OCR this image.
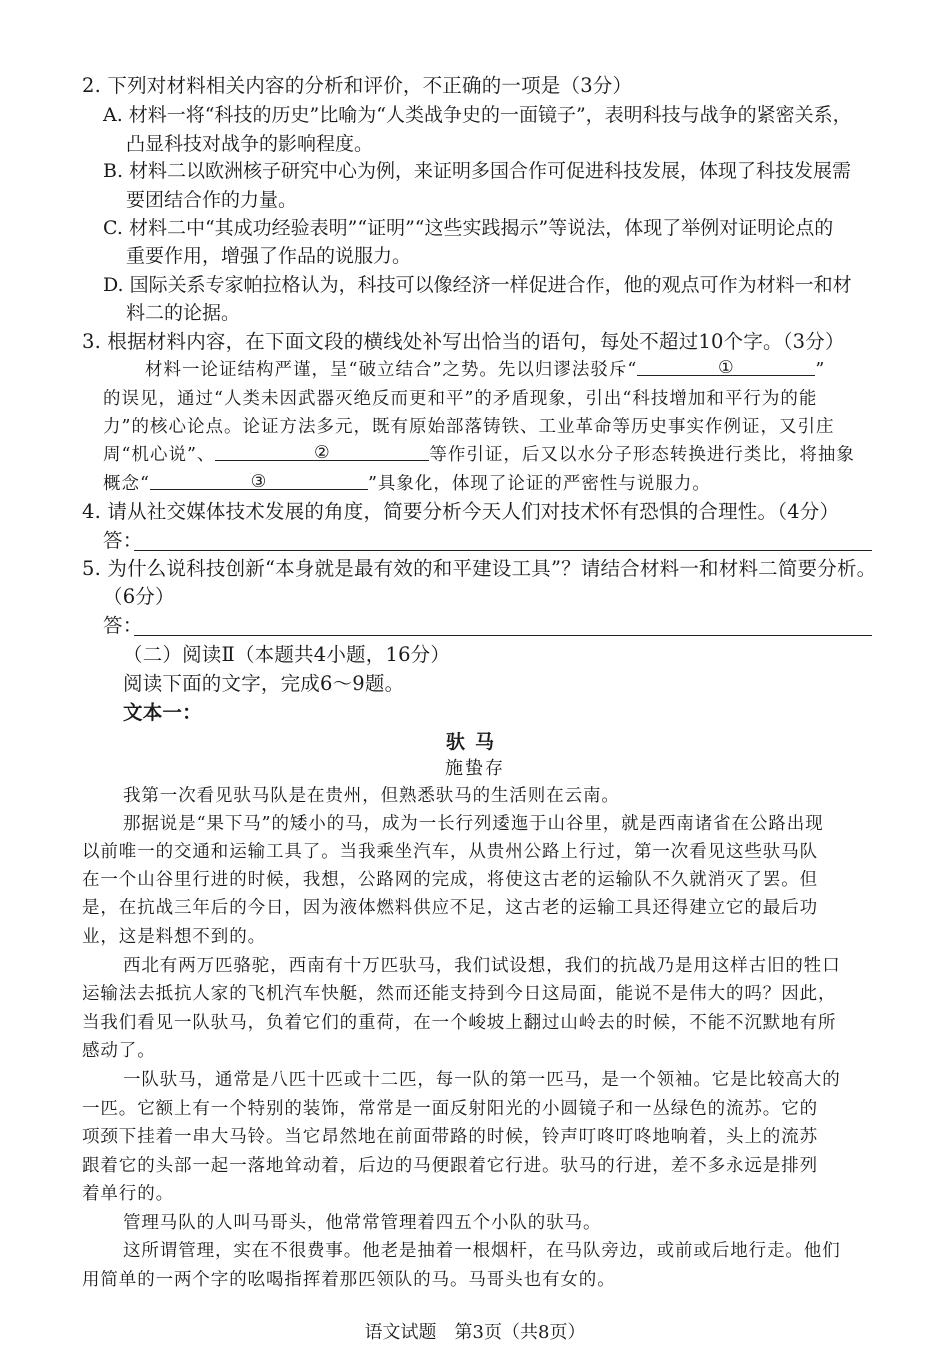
2. 下列对材料相关内容的分析和评价，不正确的一项是（3分）
A. 材料一将“科技的历史”比喻为“人类战争史的一面镜子”，表明科技与战争的紧密关系，
凸显科技对战争的影响程度。
B. 材料二以欧洲核子研究中心为例，来证明多国合作可促进科技发展，体现了科技发展需
要团结合作的力量。
C. 材料二中“其成功经验表明”“证明”“这些实践揭示”等说法，体现了举例对证明论点的
重要作用，增强了作品的说服力。
D. 国际关系专家帕拉格认为，科技可以像经济一样促进合作，他的观点可作为材料一和材
料二的论据。
3. 根据材料内容，在下面文段的横线处补写出恰当的语句，每处不超过10个字。（3分）
材料一论证结构严谨，呈“破立结合”之势。先以归谬法驳斥“	①	”
的误见，通过“人类未因武器灭绝反而更和平”的矛盾现象，引出“科技增加和平行为的能
力”的核心论点。论证方法多元，既有原始部落铸铁、工业革命等历史事实作例证，又引庄
周“机心说”、	②	等作引证，后又以水分子形态转换进行类比，将抽象
概念“	③	”具象化，体现了论证的严密性与说服力。
4. 请从社交媒体技术发展的角度，简要分析今天人们对技术怀有恐惧的合理性。（4分）
答：
5. 为什么说科技创新“本身就是最有效的和平建设工具”？请结合材料一和材料二简要分析。
（6分）
答：
（二）阅读Ⅱ（本题共4小题，16分）
阅读下面的文字，完成6～9题。
文本一：
驮马
施蛰存
我第一次看见驮马队是在贵州，但熟悉驮马的生活则在云南。
那据说是“果下马”的矮小的马，成为一长行列逶迤于山谷里，就是西南诸省在公路出现
以前唯一的交通和运输工具了。当我乘坐汽车，从贵州公路上行过，第一次看见这些驮马队
在一个山谷里行进的时候，我想，公路网的完成，将使这古老的运输队不久就消灭了罢。但
是，在抗战三年后的今日，因为液体燃料供应不足，这古老的运输工具还得建立它的最后功
业，这是料想不到的。
西北有两万匹骆驼，西南有十万匹驮马，我们试设想，我们的抗战乃是用这样古旧的牲口
运输法去抵抗人家的飞机汽车快艇，然而还能支持到今日这局面，能说不是伟大的吗？因此，
当我们看见一队驮马，负着它们的重荷，在一个峻坡上翻过山岭去的时候，不能不沉默地有所
感动了。
一队驮马，通常是八匹十匹或十二匹，每一队的第一匹马，是一个领袖。它是比较高大的
一匹。它额上有一个特别的装饰，常常是一面反射阳光的小圆镜子和一丛绿色的流苏。它的
项颈下挂着一串大马铃。当它昂然地在前面带路的时候，铃声叮咚叮咚地响着，头上的流苏
跟着它的头部一起一落地耸动着，后边的马便跟着它行进。驮马的行进，差不多永远是排列
着单行的。
管理马队的人叫马哥头，他常常管理着四五个小队的驮马。
这所谓管理，实在不很费事。他老是抽着一根烟杆，在马队旁边，或前或后地行走。他们
用简单的一两个字的吆喝指挥着那匹领队的马。马哥头也有女的。
语文试题　第3页（共8页）
